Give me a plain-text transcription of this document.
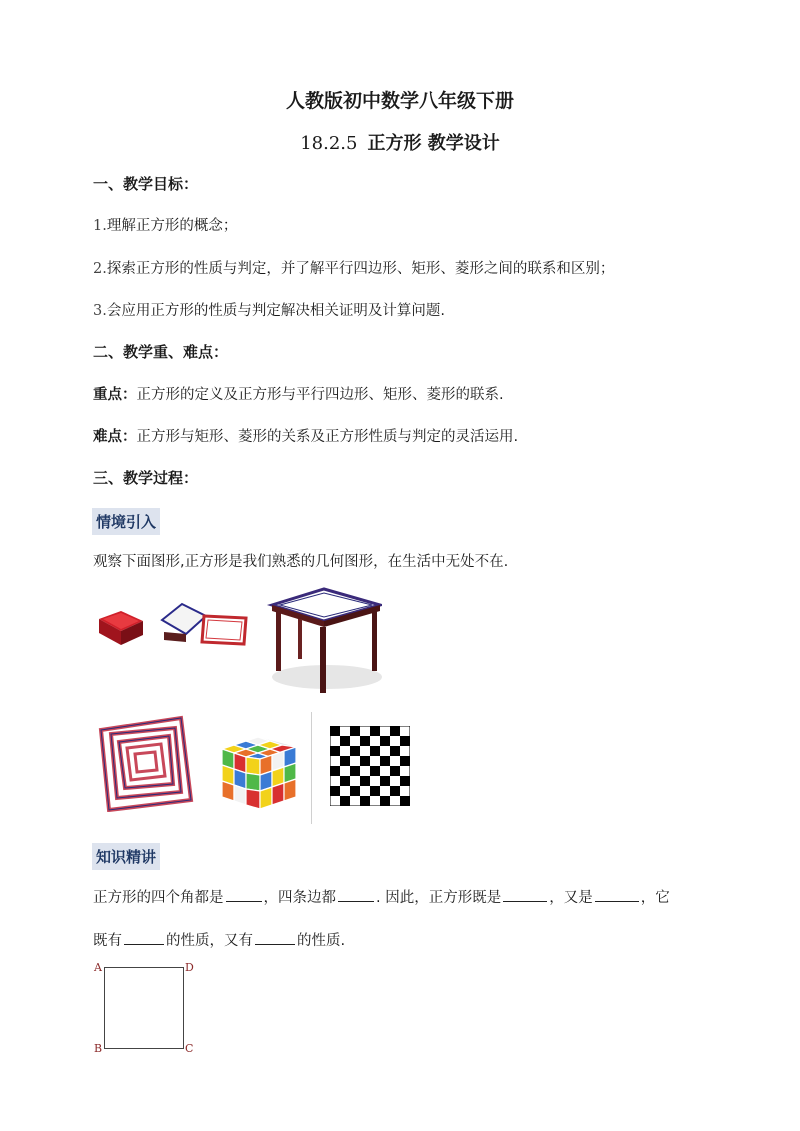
人教版初中数学八年级下册
18.2.5 正方形 教学设计
一、教学目标：
1.理解正方形的概念；
2.探索正方形的性质与判定，并了解平行四边形、矩形、菱形之间的联系和区别；
3.会应用正方形的性质与判定解决相关证明及计算问题.
二、教学重、难点：
重点：正方形的定义及正方形与平行四边形、矩形、菱形的联系.
难点：正方形与矩形、菱形的关系及正方形性质与判定的灵活运用.
三、教学过程：
情境引入
观察下面图形,正方形是我们熟悉的几何图形，在生活中无处不在.
知识精讲
正方形的四个角都是	，四条边都	. 因此，正方形既是	，又是	，它
既有	的性质，又有	的性质.
A	D
B	C
